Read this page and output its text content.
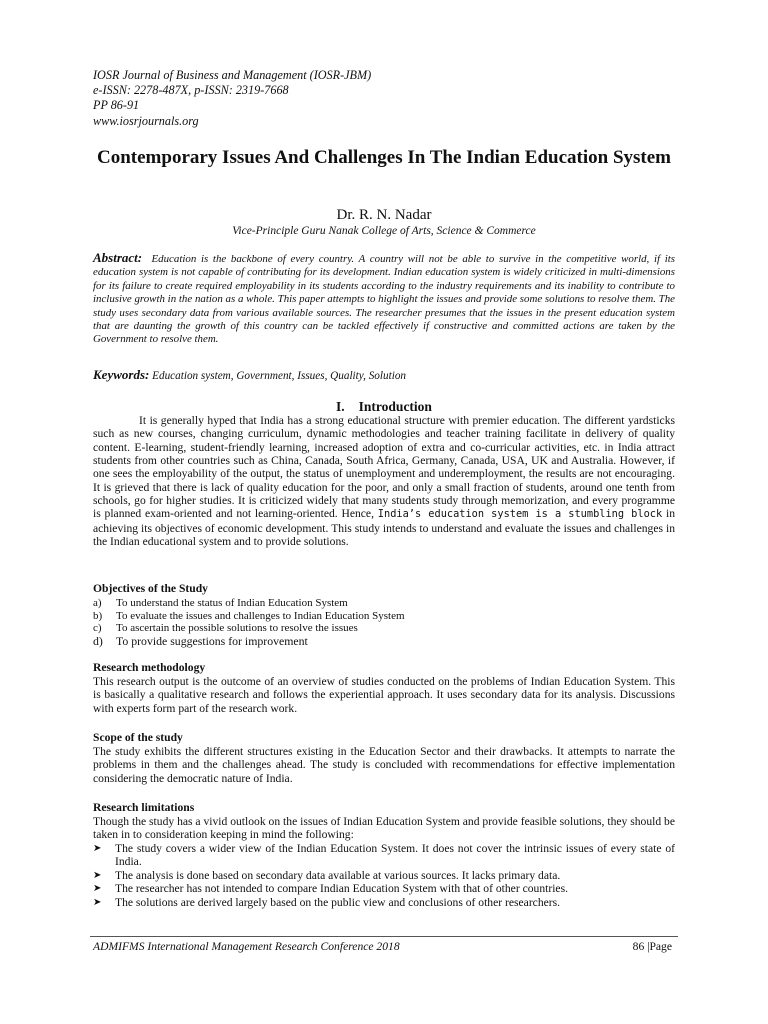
IOSR Journal of Business and Management (IOSR-JBM)
e-ISSN: 2278-487X, p-ISSN: 2319-7668
PP 86-91
www.iosrjournals.org
Contemporary Issues And Challenges In The Indian Education System
Dr. R. N. Nadar
Vice-Principle Guru Nanak College of Arts, Science & Commerce
Abstract: Education is the backbone of every country. A country will not be able to survive in the competitive world, if its education system is not capable of contributing for its development. Indian education system is widely criticized in multi-dimensions for its failure to create required employability in its students according to the industry requirements and its inability to contribute to inclusive growth in the nation as a whole. This paper attempts to highlight the issues and provide some solutions to resolve them. The study uses secondary data from various available sources. The researcher presumes that the issues in the present education system that are daunting the growth of this country can be tackled effectively if constructive and committed actions are taken by the Government to resolve them.
Keywords: Education system, Government, Issues, Quality, Solution
I. Introduction
It is generally hyped that India has a strong educational structure with premier education. The different yardsticks such as new courses, changing curriculum, dynamic methodologies and teacher training facilitate in delivery of quality content. E-learning, student-friendly learning, increased adoption of extra and co-curricular activities, etc. in India attract students from other countries such as China, Canada, South Africa, Germany, Canada, USA, UK and Australia. However, if one sees the employability of the output, the status of unemployment and underemployment, the results are not encouraging. It is grieved that there is lack of quality education for the poor, and only a small fraction of students, around one tenth from schools, go for higher studies. It is criticized widely that many students study through memorization, and every programme is planned exam-oriented and not learning-oriented. Hence, India’s education system is a stumbling block in achieving its objectives of economic development. This study intends to understand and evaluate the issues and challenges in the Indian educational system and to provide solutions.
Objectives of the Study
a)	To understand the status of Indian Education System
b)	To evaluate the issues and challenges to Indian Education System
c)	To ascertain the possible solutions to resolve the issues
d)	To provide suggestions for improvement
Research methodology
This research output is the outcome of an overview of studies conducted on the problems of Indian Education System. This is basically a qualitative research and follows the experiential approach. It uses secondary data for its analysis. Discussions with experts form part of the research work.
Scope of the study
The study exhibits the different structures existing in the Education Sector and their drawbacks. It attempts to narrate the problems in them and the challenges ahead. The study is concluded with recommendations for effective implementation considering the democratic nature of India.
Research limitations
Though the study has a vivid outlook on the issues of Indian Education System and provide feasible solutions, they should be taken in to consideration keeping in mind the following:
➤	The study covers a wider view of the Indian Education System. It does not cover the intrinsic issues of every state of India.
➤	The analysis is done based on secondary data available at various sources. It lacks primary data.
➤	The researcher has not intended to compare Indian Education System with that of other countries.
➤	The solutions are derived largely based on the public view and conclusions of other researchers.
ADMIFMS International Management Research Conference 2018	86 |Page
